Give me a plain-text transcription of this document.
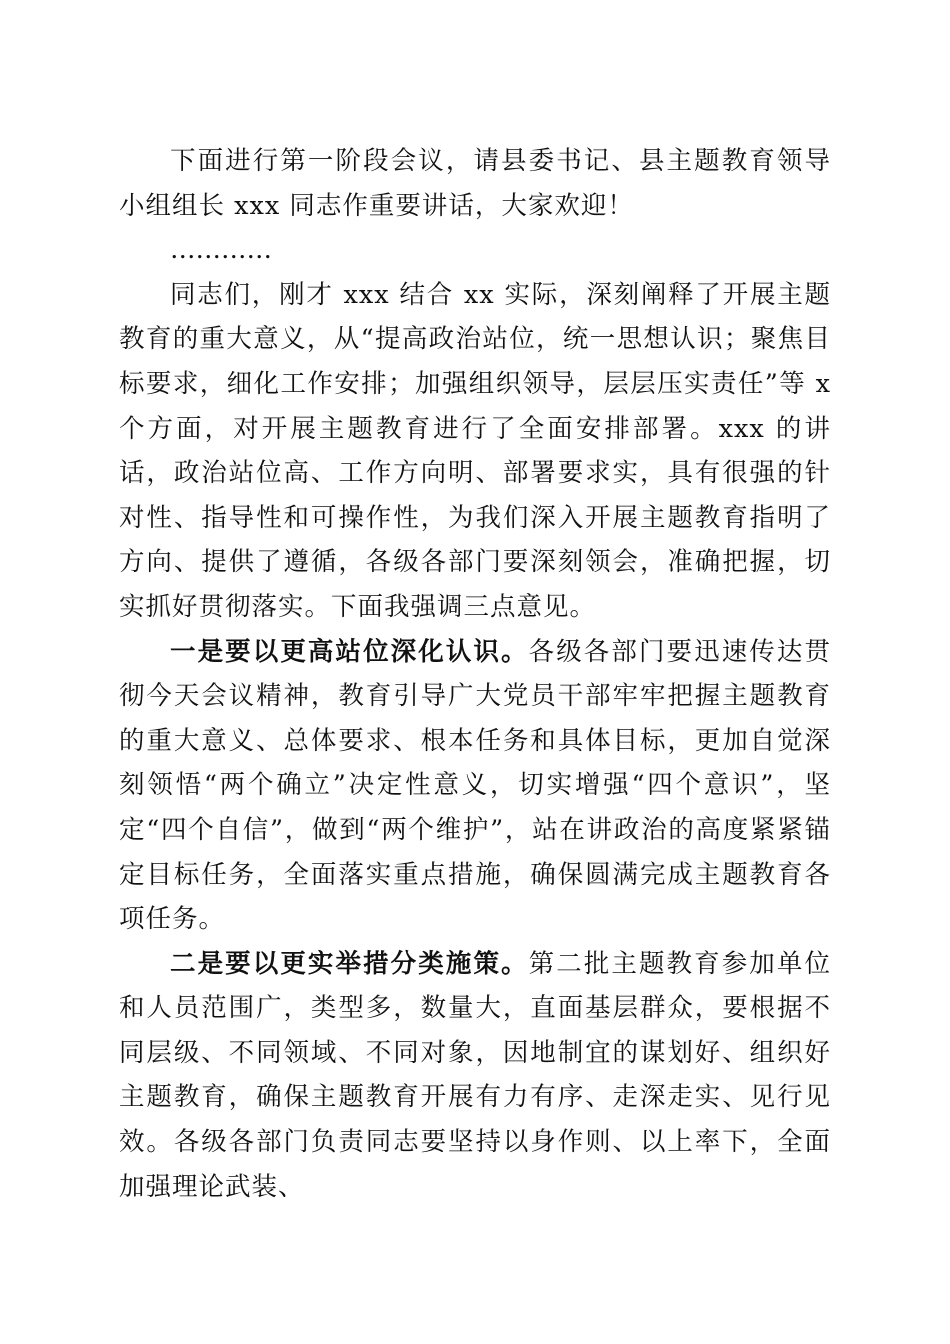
下面进行第一阶段会议，请县委书记、县主题教育领导小组组长 xxx 同志作重要讲话，大家欢迎！

…………

同志们，刚才 xxx 结合 xx 实际，深刻阐释了开展主题教育的重大意义，从“提高政治站位，统一思想认识；聚焦目标要求，细化工作安排；加强组织领导，层层压实责任”等 x 个方面，对开展主题教育进行了全面安排部署。xxx 的讲话，政治站位高、工作方向明、部署要求实，具有很强的针对性、指导性和可操作性，为我们深入开展主题教育指明了方向、提供了遵循，各级各部门要深刻领会，准确把握，切实抓好贯彻落实。下面我强调三点意见。

一是要以更高站位深化认识。各级各部门要迅速传达贯彻今天会议精神，教育引导广大党员干部牢牢把握主题教育的重大意义、总体要求、根本任务和具体目标，更加自觉深刻领悟“两个确立”决定性意义，切实增强“四个意识”，坚定“四个自信”，做到“两个维护”，站在讲政治的高度紧紧锚定目标任务，全面落实重点措施，确保圆满完成主题教育各项任务。

二是要以更实举措分类施策。第二批主题教育参加单位和人员范围广，类型多，数量大，直面基层群众，要根据不同层级、不同领域、不同对象，因地制宜的谋划好、组织好主题教育，确保主题教育开展有力有序、走深走实、见行见效。各级各部门负责同志要坚持以身作则、以上率下，全面加强理论武装、
